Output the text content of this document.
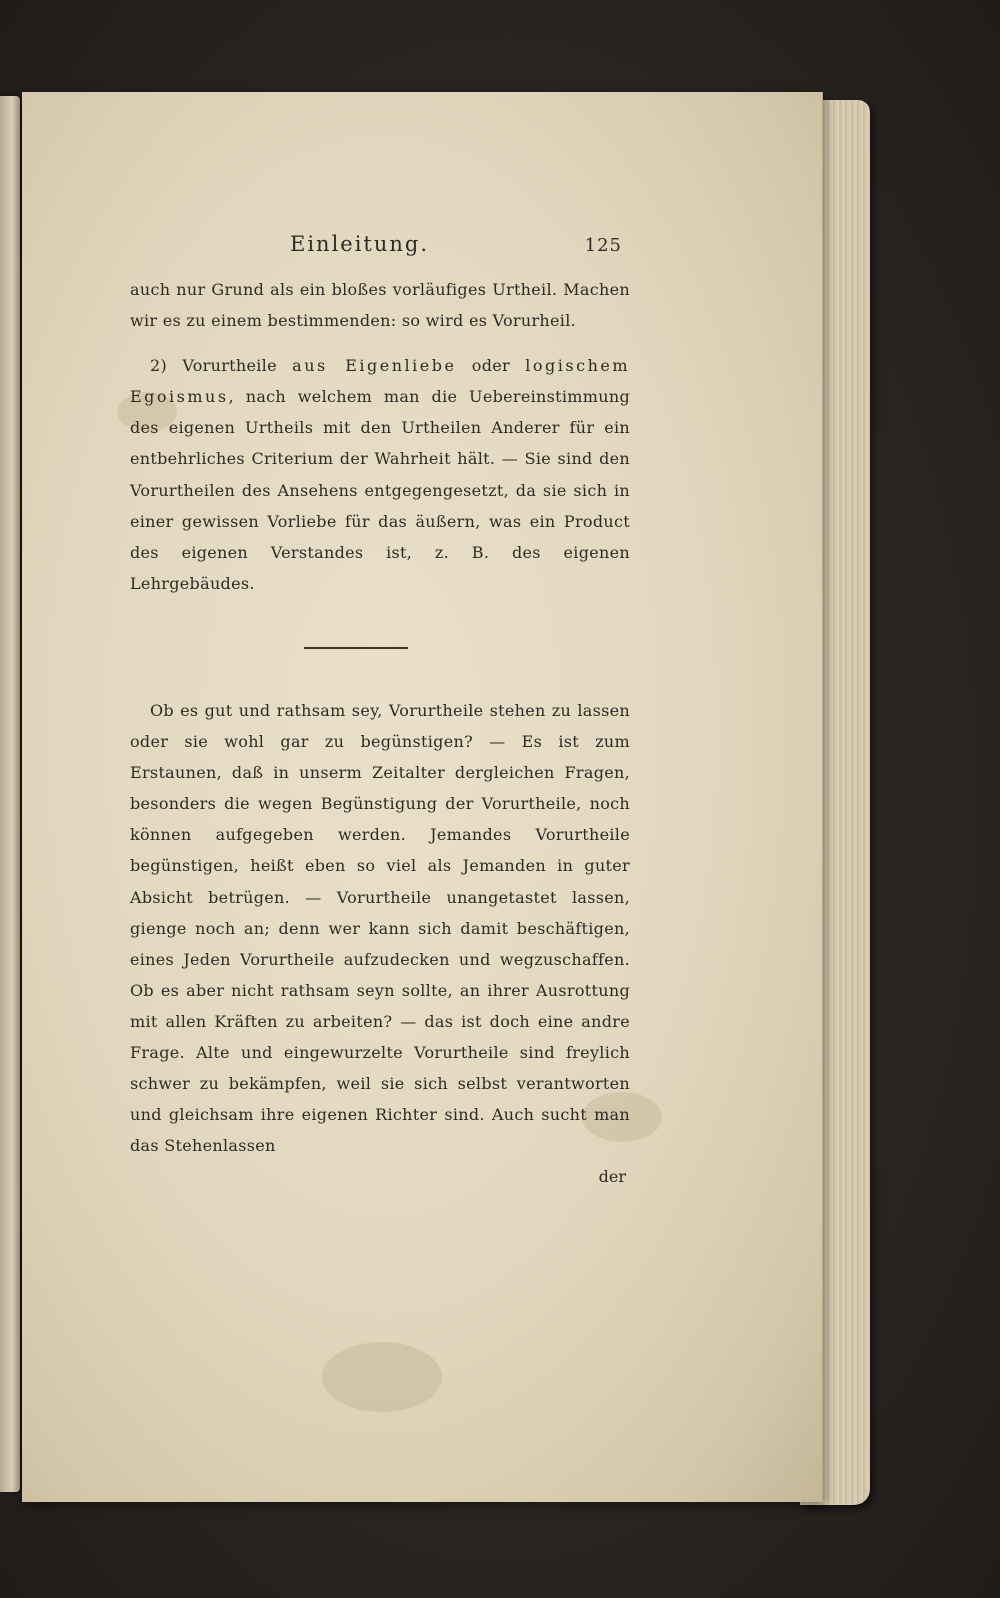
Einleitung.	125

auch nur Grund als ein bloßes vorläufiges Urtheil. Machen wir es zu einem bestimmenden: so wird es Vorurheil.

2) Vorurtheile aus Eigenliebe oder logischem Egoismus, nach welchem man die Uebereinstimmung des eigenen Urtheils mit den Urtheilen Anderer für ein entbehrliches Criterium der Wahrheit hält. — Sie sind den Vorurtheilen des Ansehens entgegengesetzt, da sie sich in einer gewissen Vorliebe für das äußern, was ein Product des eigenen Verstandes ist, z. B. des eigenen Lehrgebäudes.

Ob es gut und rathsam sey, Vorurtheile stehen zu lassen oder sie wohl gar zu begünstigen? — Es ist zum Erstaunen, daß in unserm Zeitalter dergleichen Fragen, besonders die wegen Begünstigung der Vorurtheile, noch können aufgegeben werden. Jemandes Vorurtheile begünstigen, heißt eben so viel als Jemanden in guter Absicht betrügen. — Vorurtheile unangetastet lassen, gienge noch an; denn wer kann sich damit beschäftigen, eines Jeden Vorurtheile aufzudecken und wegzuschaffen. Ob es aber nicht rathsam seyn sollte, an ihrer Ausrottung mit allen Kräften zu arbeiten? — das ist doch eine andre Frage. Alte und eingewurzelte Vorurtheile sind freylich schwer zu bekämpfen, weil sie sich selbst verantworten und gleichsam ihre eigenen Richter sind. Auch sucht man das Stehenlassen

der
